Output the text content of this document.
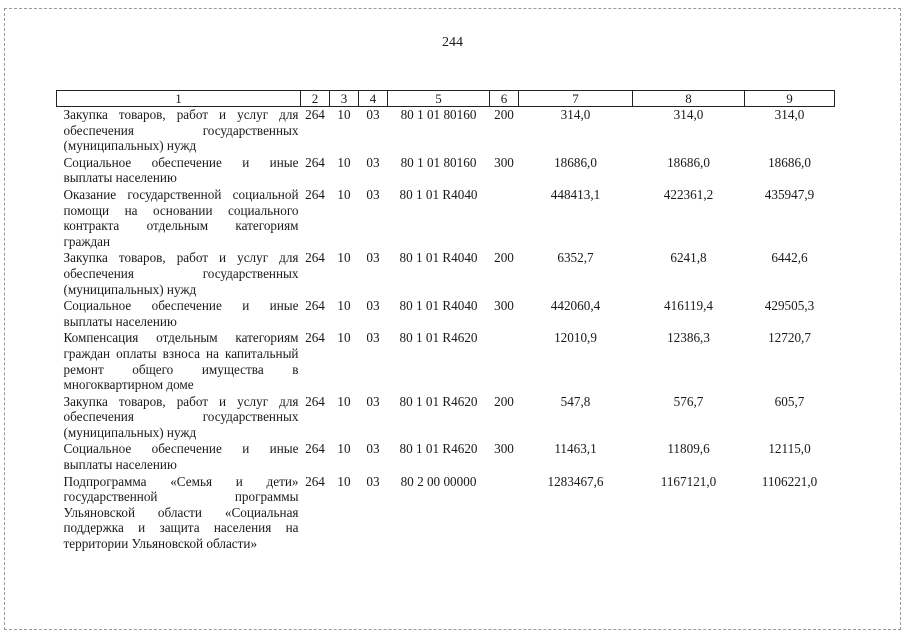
244
1	2	3	4	5	6	7	8	9
Закупка товаров, работ и услуг для обеспечения государственных (муниципальных) нужд	264	10	03	80 1 01 80160	200	314,0	314,0	314,0
Социальное обеспечение и иные выплаты населению	264	10	03	80 1 01 80160	300	18686,0	18686,0	18686,0
Оказание государственной социальной помощи на основании социального контракта отдельным категориям граждан	264	10	03	80 1 01 R4040		448413,1	422361,2	435947,9
Закупка товаров, работ и услуг для обеспечения государственных (муниципальных) нужд	264	10	03	80 1 01 R4040	200	6352,7	6241,8	6442,6
Социальное обеспечение и иные выплаты населению	264	10	03	80 1 01 R4040	300	442060,4	416119,4	429505,3
Компенсация отдельным категориям граждан оплаты взноса на капитальный ремонт общего имущества в многоквартирном доме	264	10	03	80 1 01 R4620		12010,9	12386,3	12720,7
Закупка товаров, работ и услуг для обеспечения государственных (муниципальных) нужд	264	10	03	80 1 01 R4620	200	547,8	576,7	605,7
Социальное обеспечение и иные выплаты населению	264	10	03	80 1 01 R4620	300	11463,1	11809,6	12115,0
Подпрограмма «Семья и дети» государственной программы Ульяновской области «Социальная поддержка и защита населения на территории Ульяновской области»	264	10	03	80 2 00 00000		1283467,6	1167121,0	1106221,0
